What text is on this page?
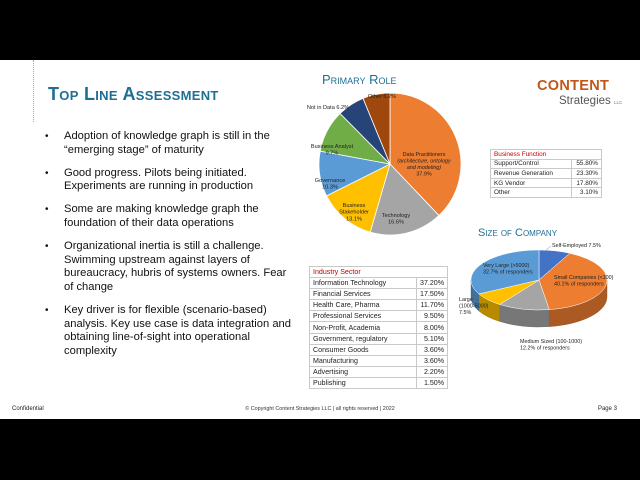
Top Line Assessment
• Adoption of knowledge graph is still in the “emerging stage” of maturity
• Good progress. Pilots being initiated. Experiments are running in production
• Some are making knowledge graph the foundation of their data operations
• Organizational inertia is still a challenge. Swimming upstream against layers of bureaucracy, hubris of systems owners. Fear of change
• Key driver is for flexible (scenario-based) analysis. Key use case is data integration and obtaining line-of-sight into operational complexity
Primary Role
Size of Company
Data Practitioners (architecture, ontology and modeling) 37.9%
Technology 16.6%
Business Stakeholder 13.1%
Governance 10.3%
Business Analyst 9.7%
Not in Data 6.2%
Other 6.2%
Self-Employed 7.5%
Small Companies (<100) 40.1% of responders
Medium Sized (100-1000) 12.2% of responders
Large (1000-5000) 7.5%
Very Large (>5000) 32.7% of responders
CONTENT
Strategies LLC
Business Function	
Support/Control	55.80%
Revenue Generation	23.30%
KG Vendor	17.80%
Other	3.10%
Industry Sector	
Information Technology	37.20%
Financial Services	17.50%
Health Care, Pharma	11.70%
Professional Services	9.50%
Non-Profit, Academia	8.00%
Government, regulatory	5.10%
Consumer Goods	3.60%
Manufacturing	3.60%
Advertising	2.20%
Publishing	1.50%
Confidential	© Copyright Content Strategies LLC | all rights reserved | 2022	Page 3
